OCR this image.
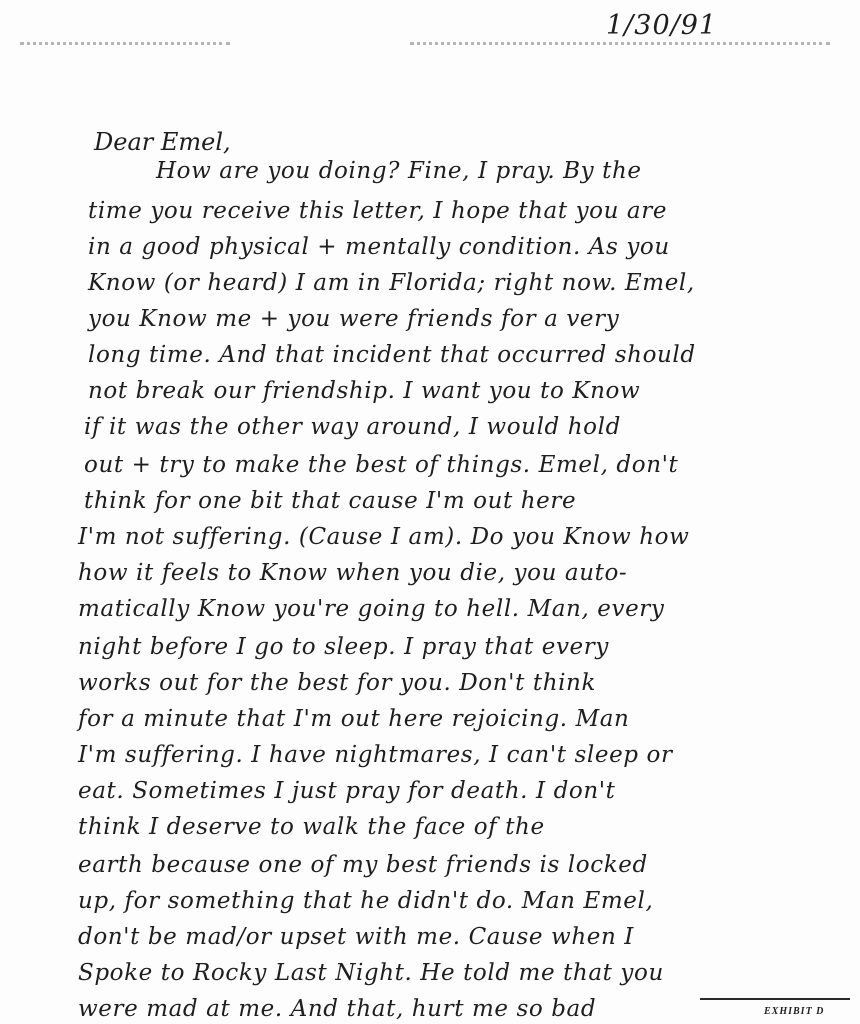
1/30/91
Dear Emel,
How are you doing? Fine, I pray. By the
time you receive this letter, I hope that you are
in a good physical + mentally condition. As you
Know (or heard) I am in Florida; right now. Emel,
you Know me + you were friends for a very
long time. And that incident that occurred should
not break our friendship. I want you to Know
if it was the other way around, I would hold
out + try to make the best of things. Emel, don't
think for one bit that cause I'm out here
I'm not suffering. (Cause I am). Do you Know how
how it feels to Know when you die, you auto-
matically Know you're going to hell. Man, every
night before I go to sleep. I pray that every
works out for the best for you. Don't think
for a minute that I'm out here rejoicing. Man
I'm suffering. I have nightmares, I can't sleep or
eat. Sometimes I just pray for death. I don't
think I deserve to walk the face of the
earth because one of my best friends is locked
up, for something that he didn't do. Man Emel,
don't be mad/or upset with me. Cause when I
Spoke to Rocky Last Night. He told me that you
were mad at me. And that, hurt me so bad	EXHIBIT D
